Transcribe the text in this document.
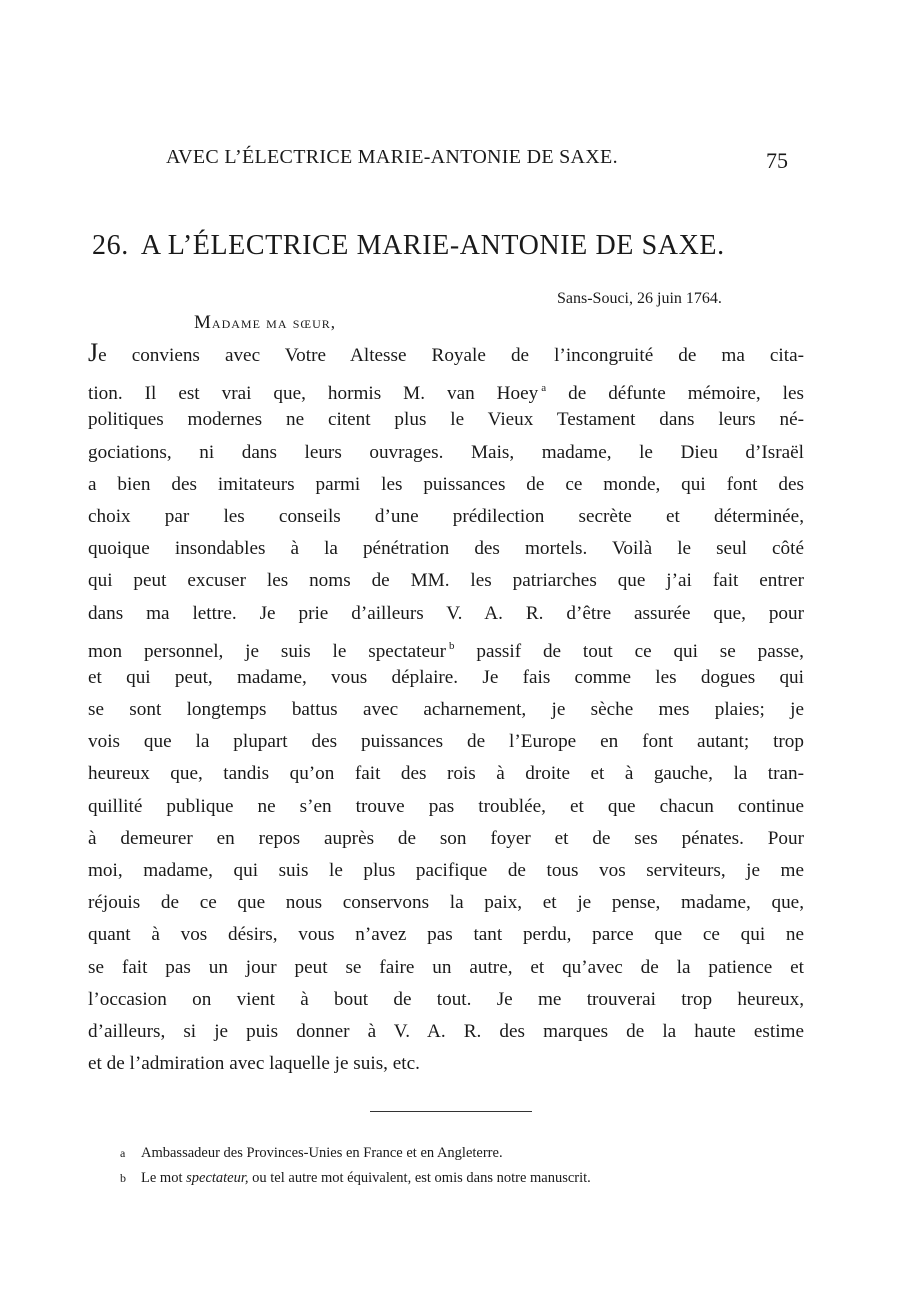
AVEC L’ÉLECTRICE MARIE-ANTONIE DE SAXE.	75
26. A L’ÉLECTRICE MARIE-ANTONIE DE SAXE.
Sans-Souci, 26 juin 1764.
Madame ma sœur,
Je conviens avec Votre Altesse Royale de l’incongruité de ma cita-
tion. Il est vrai que, hormis M. van Hoey $^a$ de défunte mémoire, les
politiques modernes ne citent plus le Vieux Testament dans leurs né-
gociations, ni dans leurs ouvrages. Mais, madame, le Dieu d’Israël
a bien des imitateurs parmi les puissances de ce monde, qui font des
choix par les conseils d’une prédilection secrète et déterminée,
quoique insondables à la pénétration des mortels. Voilà le seul côté
qui peut excuser les noms de MM. les patriarches que j’ai fait entrer
dans ma lettre. Je prie d’ailleurs V. A. R. d’être assurée que, pour
mon personnel, je suis le spectateur $^b$ passif de tout ce qui se passe,
et qui peut, madame, vous déplaire. Je fais comme les dogues qui
se sont longtemps battus avec acharnement, je sèche mes plaies; je
vois que la plupart des puissances de l’Europe en font autant; trop
heureux que, tandis qu’on fait des rois à droite et à gauche, la tran-
quillité publique ne s’en trouve pas troublée, et que chacun continue
à demeurer en repos auprès de son foyer et de ses pénates. Pour
moi, madame, qui suis le plus pacifique de tous vos serviteurs, je me
réjouis de ce que nous conservons la paix, et je pense, madame, que,
quant à vos désirs, vous n’avez pas tant perdu, parce que ce qui ne
se fait pas un jour peut se faire un autre, et qu’avec de la patience et
l’occasion on vient à bout de tout. Je me trouverai trop heureux,
d’ailleurs, si je puis donner à V. A. R. des marques de la haute estime
et de l’admiration avec laquelle je suis, etc.
a Ambassadeur des Provinces-Unies en France et en Angleterre.
b Le mot spectateur, ou tel autre mot équivalent, est omis dans notre manuscrit.
